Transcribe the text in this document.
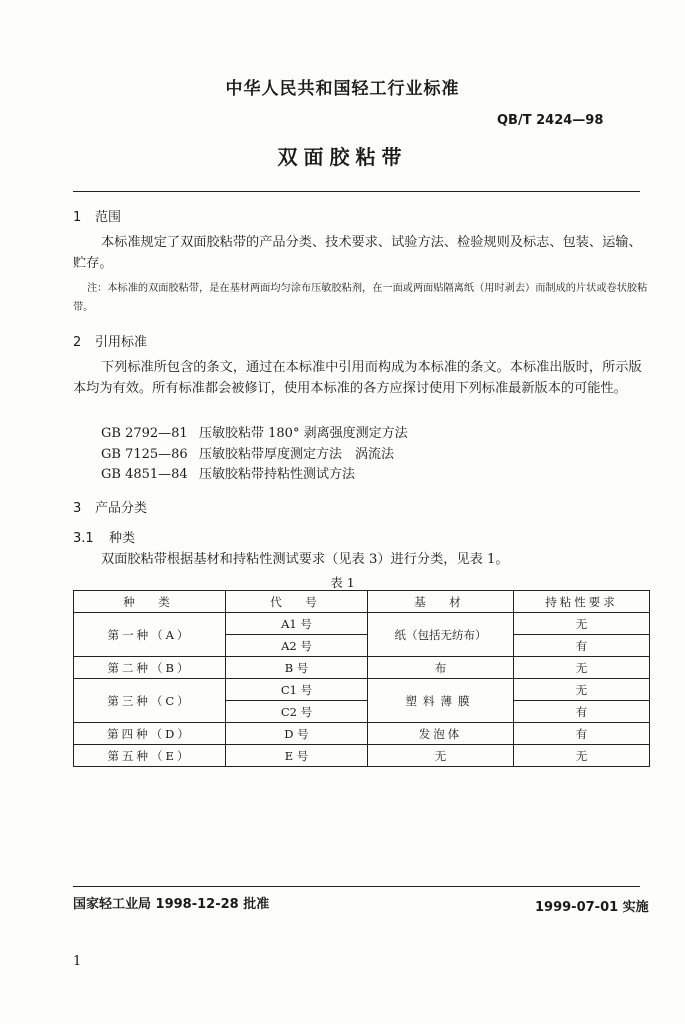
中华人民共和国轻工行业标准
QB/T 2424—98
双面胶粘带
1 范围
本标准规定了双面胶粘带的产品分类、技术要求、试验方法、检验规则及标志、包装、运输、贮存。
注：本标准的双面胶粘带，是在基材两面均匀涂布压敏胶粘剂，在一面或两面贴隔离纸（用时剥去）而制成的片状或卷状胶粘带。
2 引用标准
下列标准所包含的条文，通过在本标准中引用而构成为本标准的条文。本标准出版时，所示版本均为有效。所有标准都会被修订，使用本标准的各方应探讨使用下列标准最新版本的可能性。
GB 2792—81 压敏胶粘带 180° 剥离强度测定方法
GB 7125—86 压敏胶粘带厚度测定方法　涡流法
GB 4851—84 压敏胶粘带持粘性测试方法
3 产品分类
3.1 种类
双面胶粘带根据基材和持粘性测试要求（见表 3）进行分类，见表 1。
表 1
种　类	代　号	基　材	持粘性要求
第一种（A）	A1 号	纸（包括无纺布）	无
	A2 号		有
第二种（B）	B 号	布	无
第三种（C）	C1 号	塑料薄膜	无
	C2 号		有
第四种（D）	D 号	发泡体	有
第五种（E）	E 号	无	无
国家轻工业局 1998-12-28 批准	1999-07-01 实施
1
